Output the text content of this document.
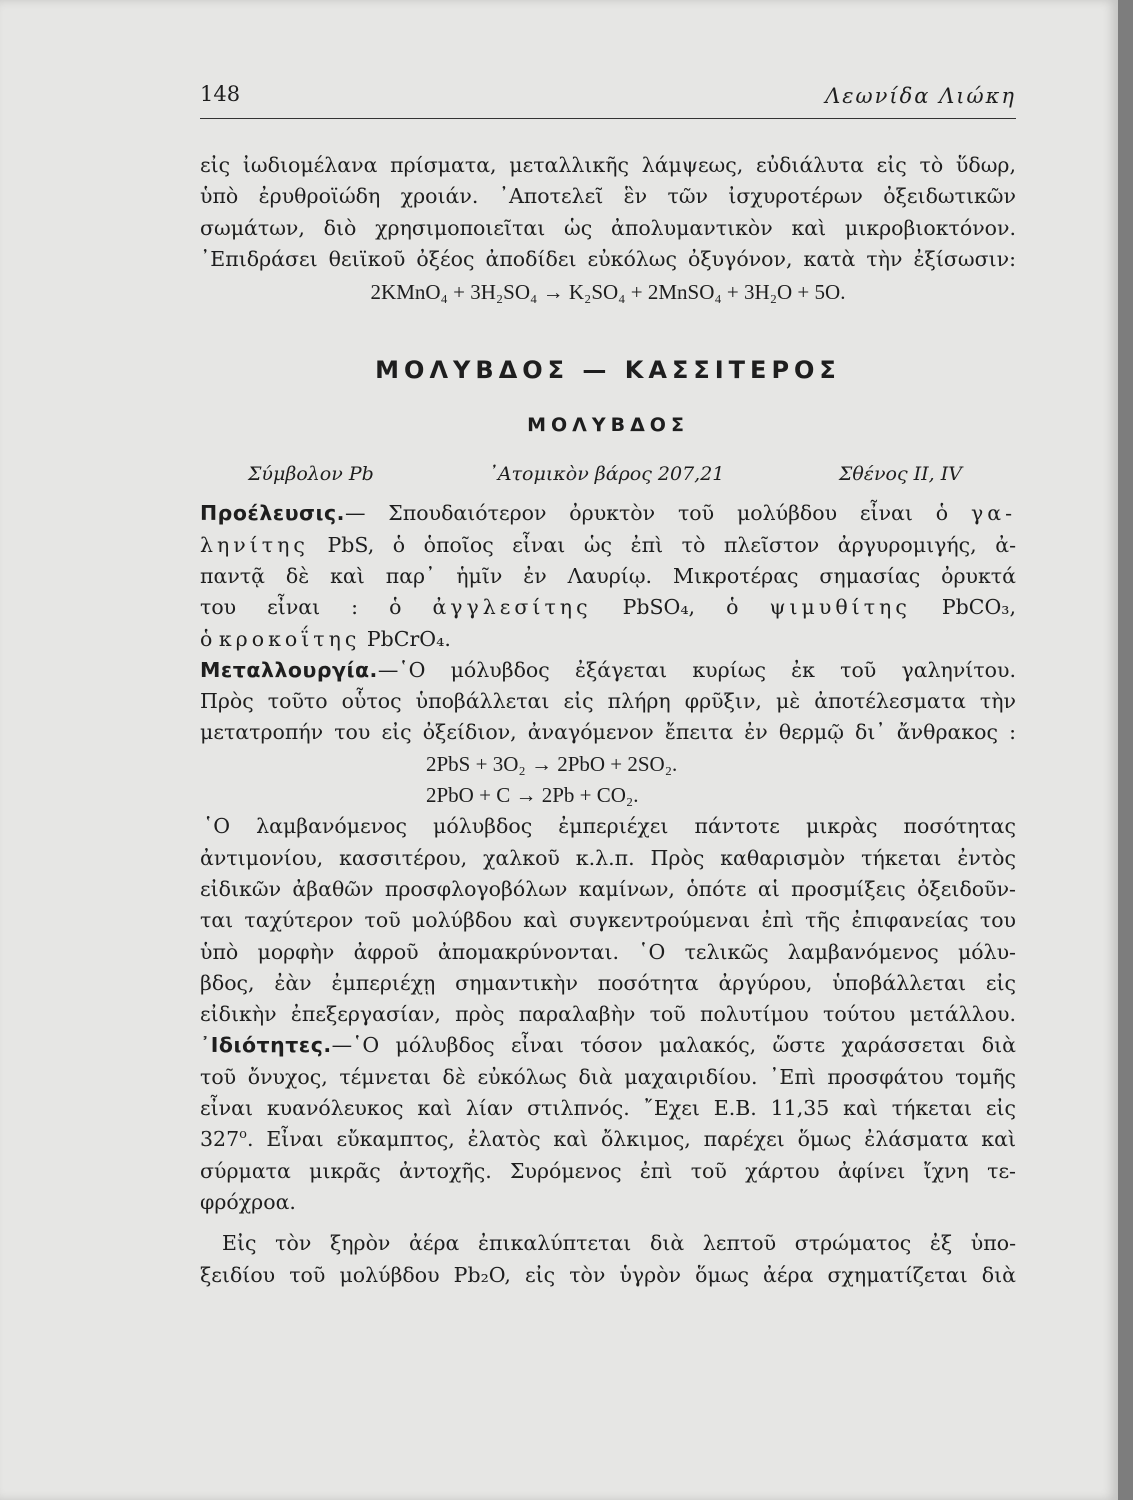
148	Λεωνίδα Λιώκη

εἰς ἰωδιομέλανα πρίσματα, μεταλλικῆς λάμψεως, εὐδιάλυτα εἰς τὸ ὕδωρ,

ὑπὸ ἐρυθροϊώδη χροιάν. ᾿Αποτελεῖ ἓν τῶν ἰσχυροτέρων ὀξειδωτικῶν

σωμάτων, διὸ χρησιμοποιεῖται ὡς ἀπολυμαντικὸν καὶ μικροβιοκτόνον.

᾿Επιδράσει θειϊκοῦ ὀξέος ἀποδίδει εὐκόλως ὀξυγόνον, κατὰ τὴν ἐξίσωσιν:

2KMnO₄ + 3H₂SO₄ → K₂SO₄ + 2MnSO₄ + 3H₂O + 5O.

ΜΟΛΥΒΔΟΣ — ΚΑΣΣΙΤΕΡΟΣ
ΜΟΛΥΒΔΟΣ
Σύμβολον Pb	᾿Ατομικὸν βάρος 207,21	Σθένος II, IV

Προέλευσις.— Σπουδαιότερον ὀρυκτὸν τοῦ μολύβδου εἶναι ὁ γα-

ληνίτης PbS, ὁ ὁποῖος εἶναι ὡς ἐπὶ τὸ πλεῖστον ἀργυρομιγής, ἀ-

παντᾷ δὲ καὶ παρ᾿ ἡμῖν ἐν Λαυρίῳ. Μικροτέρας σημασίας ὀρυκτά

του εἶναι : ὁ ἀγγλεσίτης PbSO₄, ὁ ψιμυθίτης PbCO₃,

ὁ κροκοΐτης PbCrO₄.

Μεταλλουργία.—῾Ο μόλυβδος ἐξάγεται κυρίως ἐκ τοῦ γαληνίτου.

Πρὸς τοῦτο οὗτος ὑποβάλλεται εἰς πλήρη φρῦξιν, μὲ ἀποτέλεσματα τὴν

μετατροπήν του εἰς ὀξείδιον, ἀναγόμενον ἔπειτα ἐν θερμῷ δι᾿ ἄνθρακος :

2PbS + 3O₂ → 2PbO + 2SO₂.

2PbO + C → 2Pb + CO₂.

῾Ο λαμβανόμενος μόλυβδος ἐμπεριέχει πάντοτε μικρὰς ποσότητας

ἀντιμονίου, κασσιτέρου, χαλκοῦ κ.λ.π. Πρὸς καθαρισμὸν τήκεται ἐντὸς

εἰδικῶν ἀβαθῶν προσφλογοβόλων καμίνων, ὁπότε αἱ προσμίξεις ὀξειδοῦν-

ται ταχύτερον τοῦ μολύβδου καὶ συγκεντρούμεναι ἐπὶ τῆς ἐπιφανείας του

ὑπὸ μορφὴν ἀφροῦ ἀπομακρύνονται. ῾Ο τελικῶς λαμβανόμενος μόλυ-

βδος, ἐὰν ἐμπεριέχῃ σημαντικὴν ποσότητα ἀργύρου, ὑποβάλλεται εἰς

εἰδικὴν ἐπεξεργασίαν, πρὸς παραλαβὴν τοῦ πολυτίμου τούτου μετάλλου.

᾿Ιδιότητες.—῾Ο μόλυβδος εἶναι τόσον μαλακός, ὥστε χαράσσεται διὰ

τοῦ ὄνυχος, τέμνεται δὲ εὐκόλως διὰ μαχαιριδίου. ᾿Επὶ προσφάτου τομῆς

εἶναι κυανόλευκος καὶ λίαν στιλπνός. ῎Εχει Ε.Β. 11,35 καὶ τήκεται εἰς

327$^o$. Εἶναι εὔκαμπτος, ἐλατὸς καὶ ὄλκιμος, παρέχει ὅμως ἐλάσματα καὶ

σύρματα μικρᾶς ἀντοχῆς. Συρόμενος ἐπὶ τοῦ χάρτου ἀφίνει ἴχνη τε-

φρόχροα.

Εἰς τὸν ξηρὸν ἀέρα ἐπικαλύπτεται διὰ λεπτοῦ στρώματος ἐξ ὑπο-

ξειδίου τοῦ μολύβδου Pb₂O, εἰς τὸν ὑγρὸν ὅμως ἀέρα σχηματίζεται διὰ
